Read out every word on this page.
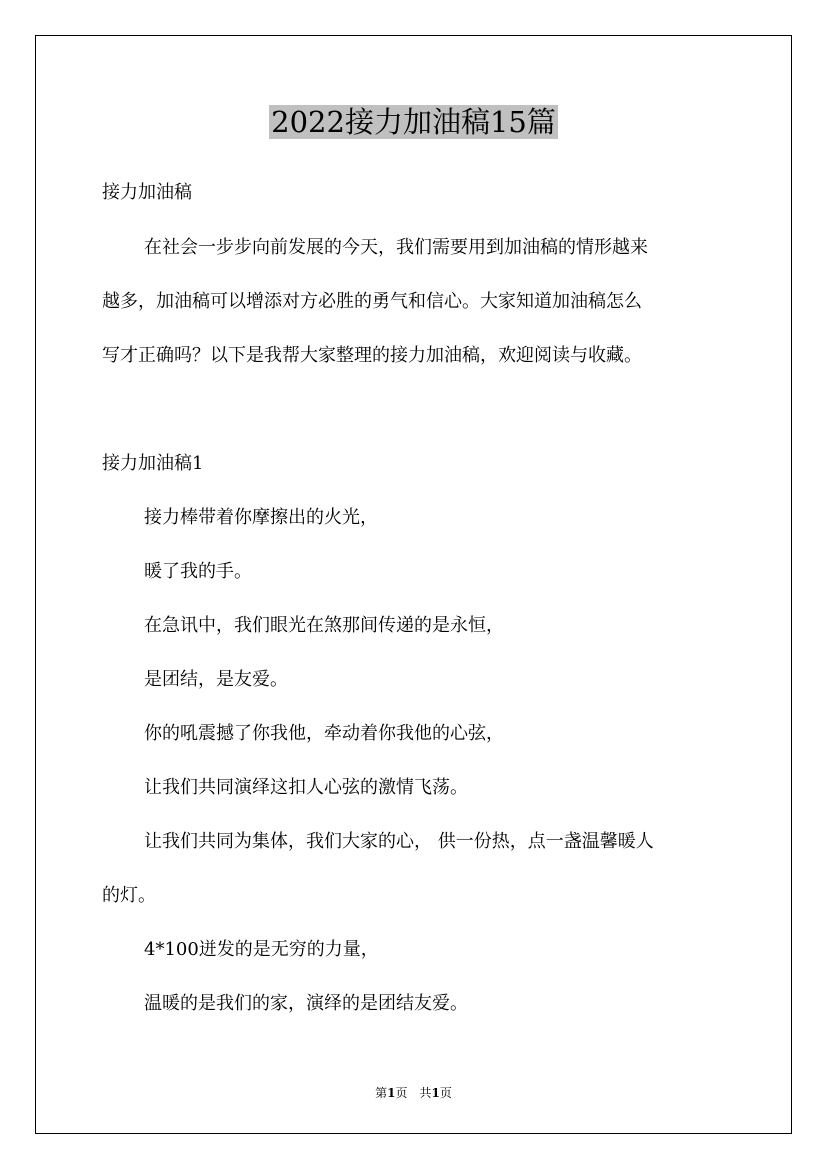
2022接力加油稿15篇
接力加油稿
在社会一步步向前发展的今天，我们需要用到加油稿的情形越来
越多，加油稿可以增添对方必胜的勇气和信心。大家知道加油稿怎么
写才正确吗？以下是我帮大家整理的接力加油稿，欢迎阅读与收藏。
接力加油稿1
接力棒带着你摩擦出的火光，
暖了我的手。
在急讯中，我们眼光在煞那间传递的是永恒，
是团结，是友爱。
你的吼震撼了你我他，牵动着你我他的心弦，
让我们共同演绎这扣人心弦的激情飞荡。
让我们共同为集体，我们大家的心， 供一份热，点一盏温馨暖人
的灯。
4*100迸发的是无穷的力量，
温暖的是我们的家，演绎的是团结友爱。
第1页　共1页
